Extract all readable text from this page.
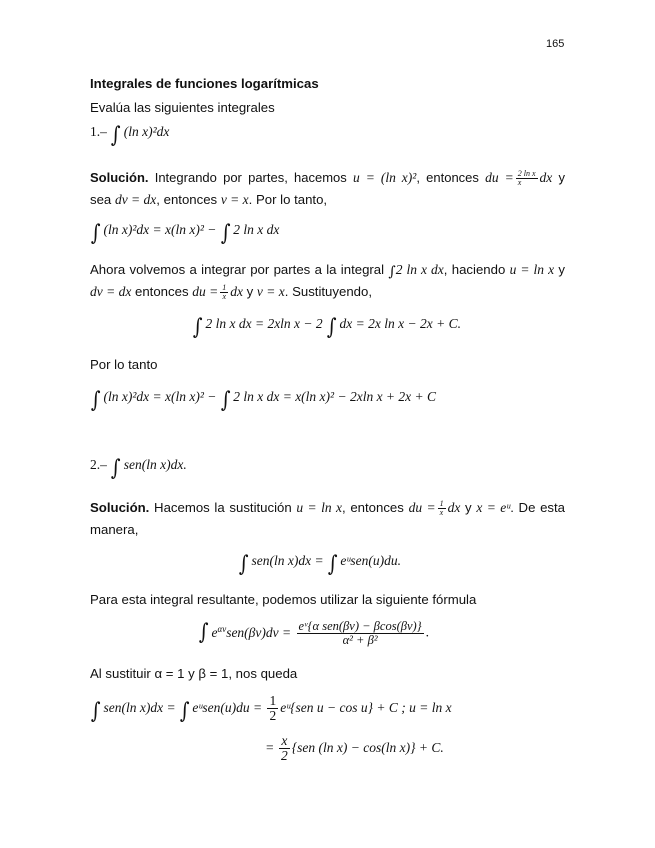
165
Integrales de funciones logarítmicas
Evalúa las siguientes integrales
1.– ∫ (ln x)²dx
Solución. Integrando por partes, hacemos u = (ln x)², entonces du = $\frac{\text{2 ln x}}{x}$ dx y
sea dv = dx, entonces v = x. Por lo tanto,
∫ (ln x)²dx = x(ln x)² − ∫ 2 ln x dx
Ahora volvemos a integrar por partes a la integral ∫2 ln x dx, haciendo u = ln x y
dv = dx entonces du = $\frac{1}{x}$ dx y v = x. Sustituyendo,
∫ 2 ln x dx = 2xln x − 2 ∫ dx = 2x ln x − 2x + C.
Por lo tanto
∫ (ln x)²dx = x(ln x)² − ∫ 2 ln x dx = x(ln x)² − 2xln x + 2x + C
2.– ∫ sen(ln x)dx.
Solución. Hacemos la sustitución u = ln x, entonces du = $\frac{1}{x}$ dx y x = eᵘ. De esta
manera,
∫ sen(ln x)dx = ∫ eᵘsen(u)du.
Para esta integral resultante, podemos utilizar la siguiente fórmula
∫ $e^{\alpha v}sen(\beta v)dv = \frac{\text{eᵛ\{α sen(βv) − βcos(βv)\}}}{\text{α² + β²}}$ .
Al sustituir α = 1 y β = 1, nos queda
∫ sen(ln x)dx = ∫ eᵘsen(u)du = $\frac{1}{2}$ eᵘ{sen u − cos u} + C ; u = ln x
= $\frac{x}{2} \{sen$ (ln x) − cos(ln x)} + C.
